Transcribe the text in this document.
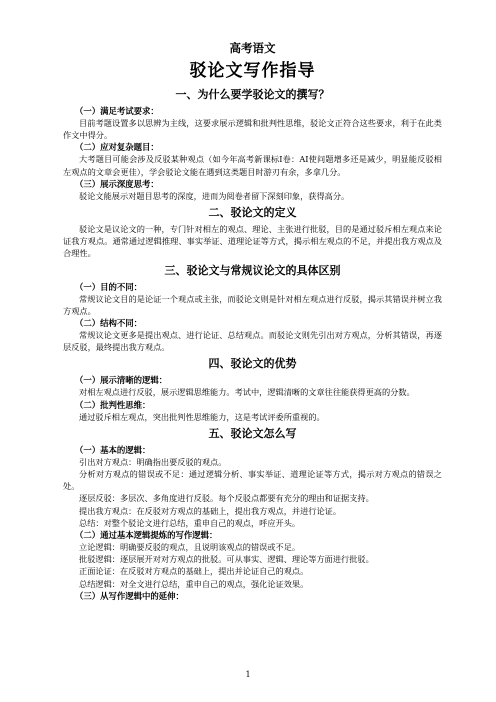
高考语文

驳论文写作指导

一、为什么要学驳论文的撰写？

（一）满足考试要求：

目前考题设置多以思辨为主线，这要求展示逻辑和批判性思维，驳论文正符合这些要求，利于在此类作文中得分。

（二）应对复杂题目：

大考题目可能会涉及反驳某种观点（如今年高考新课标Ⅰ卷：AI使问题增多还是减少，明显能反驳相左观点的文章会更佳），学会驳论文能在遇到这类题目时游刃有余，多拿几分。

（三）展示深度思考：

驳论文能展示对题目思考的深度，进而为阅卷者留下深刻印象，获得高分。

二、驳论文的定义

驳论文是议论文的一种，专门针对相左的观点、理论、主张进行批驳，目的是通过驳斥相左观点来论证我方观点。通常通过逻辑推理、事实举证、道理论证等方式，揭示相左观点的不足，并提出我方观点及合理性。

三、驳论文与常规议论文的具体区别

（一）目的不同：

常规议论文目的是论证一个观点或主张，而驳论文则是针对相左观点进行反驳，揭示其错误并树立我方观点。

（二）结构不同：

常规议论文更多是提出观点、进行论证、总结观点。而驳论文则先引出对方观点，分析其错误，再逐层反驳，最终提出我方观点。

四、驳论文的优势

（一）展示清晰的逻辑：

对相左观点进行反驳，展示逻辑思维能力。考试中，逻辑清晰的文章往往能获得更高的分数。

（二）批判性思维：

通过驳斥相左观点，突出批判性思维能力，这是考试评委所重视的。

五、驳论文怎么写

（一）基本的逻辑：

引出对方观点：明确指出要反驳的观点。

分析对方观点的错误或不足：通过逻辑分析、事实举证、道理论证等方式，揭示对方观点的错误之处。

逐层反驳：多层次、多角度进行反驳。每个反驳点都要有充分的理由和证据支持。

提出我方观点：在反驳对方观点的基础上，提出我方观点，并进行论证。

总结：对整个驳论文进行总结，重申自己的观点，呼应开头。

（二）通过基本逻辑提炼的写作逻辑：

立论逻辑：明确要反驳的观点，且说明该观点的错误或不足。

批驳逻辑：逐层展开对对方观点的批驳。可从事实、逻辑、理论等方面进行批驳。

正面论证：在反驳对方观点的基础上，提出并论证自己的观点。

总结逻辑：对全文进行总结，重申自己的观点，强化论证效果。

（三）从写作逻辑中的延伸：

1
